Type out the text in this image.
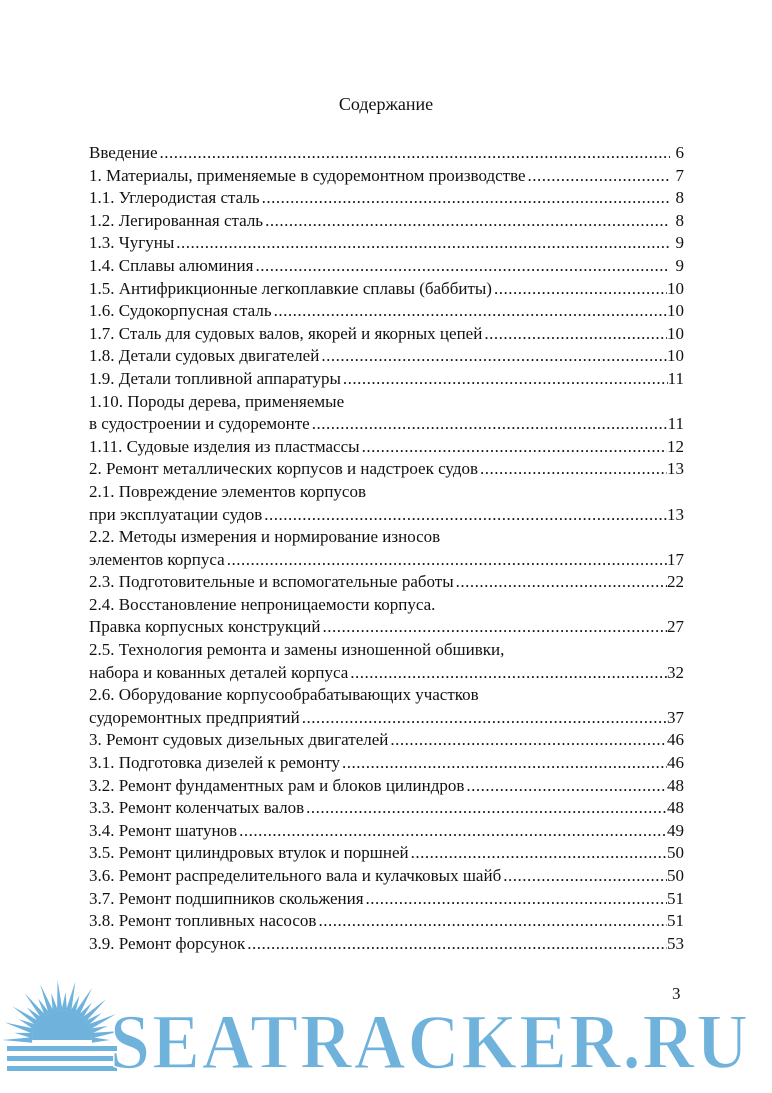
Содержание
Введение .....	6
1. Материалы, применяемые в судоремонтном производстве .....	7
1.1. Углеродистая сталь .....	8
1.2. Легированная сталь .....	8
1.3. Чугуны .....	9
1.4. Сплавы алюминия .....	9
1.5. Антифрикционные легкоплавкие сплавы (баббиты) .....	10
1.6. Судокорпусная сталь .....	10
1.7. Сталь для судовых валов, якорей и якорных цепей .....	10
1.8. Детали судовых двигателей .....	10
1.9. Детали топливной аппаратуры .....	11
1.10. Породы дерева, применяемые
в судостроении и судоремонте .....	11
1.11. Судовые изделия из пластмассы .....	12
2. Ремонт металлических корпусов и надстроек судов .....	13
2.1. Повреждение элементов корпусов
при эксплуатации судов .....	13
2.2. Методы измерения и нормирование износов
элементов корпуса .....	17
2.3. Подготовительные и вспомогательные работы .....	22
2.4. Восстановление непроницаемости корпуса.
Правка корпусных конструкций .....	27
2.5. Технология ремонта и замены изношенной обшивки,
набора и кованных деталей корпуса .....	32
2.6. Оборудование корпусообрабатывающих участков
судоремонтных предприятий .....	37
3. Ремонт судовых дизельных двигателей .....	46
3.1. Подготовка дизелей к ремонту .....	46
3.2. Ремонт фундаментных рам и блоков цилиндров .....	48
3.3. Ремонт коленчатых валов .....	48
3.4. Ремонт шатунов .....	49
3.5. Ремонт цилиндровых втулок и поршней .....	50
3.6. Ремонт распределительного вала и кулачковых шайб .....	50
3.7. Ремонт подшипников скольжения .....	51
3.8. Ремонт топливных насосов .....	51
3.9. Ремонт форсунок .....	53
3
SEATRACKER.RU
